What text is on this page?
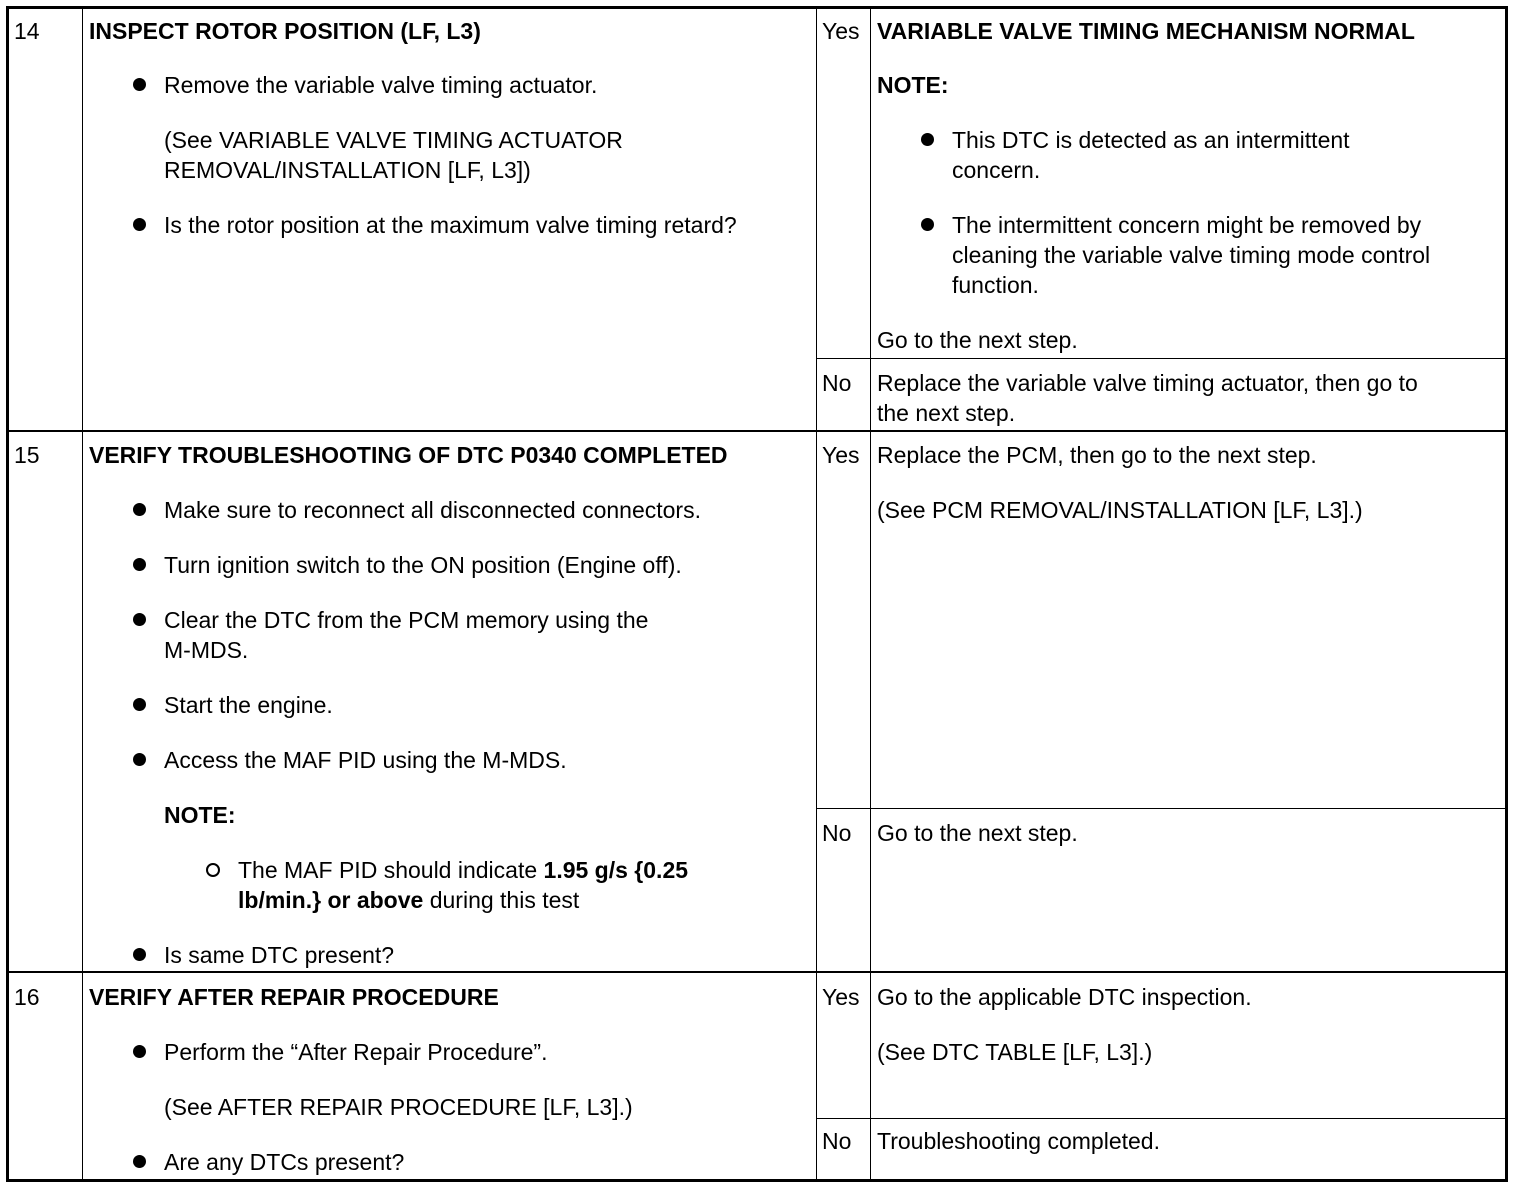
14 INSPECT ROTOR POSITION (LF, L3)
Remove the variable valve timing actuator.
(See VARIABLE VALVE TIMING ACTUATOR
REMOVAL/INSTALLATION [LF, L3])
Is the rotor position at the maximum valve timing retard?
Yes VARIABLE VALVE TIMING MECHANISM NORMAL
NOTE:
This DTC is detected as an intermittent
concern.
The intermittent concern might be removed by
cleaning the variable valve timing mode control
function.
Go to the next step.
No Replace the variable valve timing actuator, then go to
the next step.
15 VERIFY TROUBLESHOOTING OF DTC P0340 COMPLETED
Make sure to reconnect all disconnected connectors.
Turn ignition switch to the ON position (Engine off).
Clear the DTC from the PCM memory using the
M-MDS.
Start the engine.
Access the MAF PID using the M-MDS.
NOTE:
The MAF PID should indicate 1.95 g/s {0.25
lb/min.} or above during this test
Is same DTC present?
Yes Replace the PCM, then go to the next step.
(See PCM REMOVAL/INSTALLATION [LF, L3].)
No Go to the next step.
16 VERIFY AFTER REPAIR PROCEDURE
Perform the “After Repair Procedure”.
(See AFTER REPAIR PROCEDURE [LF, L3].)
Are any DTCs present?
Yes Go to the applicable DTC inspection.
(See DTC TABLE [LF, L3].)
No Troubleshooting completed.
